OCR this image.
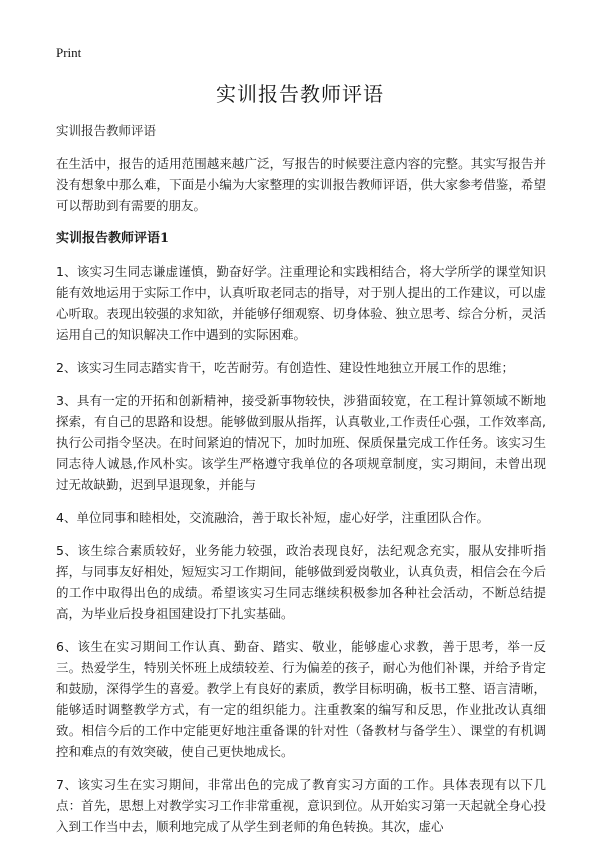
Print
实训报告教师评语

实训报告教师评语

在生活中，报告的适用范围越来越广泛，写报告的时候要注意内容的完整。其实写报告并没有想象中那么难，下面是小编为大家整理的实训报告教师评语，供大家参考借鉴，希望可以帮助到有需要的朋友。

实训报告教师评语1

1、该实习生同志谦虚谨慎，勤奋好学。注重理论和实践相结合，将大学所学的课堂知识能有效地运用于实际工作中，认真听取老同志的指导，对于别人提出的工作建议，可以虚心听取。表现出较强的求知欲，并能够仔细观察、切身体验、独立思考、综合分析，灵活运用自己的知识解决工作中遇到的实际困难。

2、该实习生同志踏实肯干，吃苦耐劳。有创造性、建设性地独立开展工作的思维；

3、具有一定的开拓和创新精神，接受新事物较快，涉猎面较宽，在工程计算领域不断地探索，有自己的思路和设想。能够做到服从指挥，认真敬业,工作责任心强，工作效率高,执行公司指令坚决。在时间紧迫的情况下，加时加班、保质保量完成工作任务。该实习生同志待人诚恳,作风朴实。该学生严格遵守我单位的各项规章制度，实习期间，未曾出现过无故缺勤，迟到早退现象，并能与

4、单位同事和睦相处，交流融洽，善于取长补短，虚心好学，注重团队合作。

5、该生综合素质较好，业务能力较强，政治表现良好，法纪观念充实，服从安排听指挥，与同事友好相处，短短实习工作期间，能够做到爱岗敬业，认真负责，相信会在今后的工作中取得出色的成绩。希望该实习生同志继续积极参加各种社会活动，不断总结提高，为毕业后投身祖国建设打下扎实基础。

6、该生在实习期间工作认真、勤奋、踏实、敬业，能够虚心求教，善于思考，举一反三。热爱学生，特别关怀班上成绩较差、行为偏差的孩子，耐心为他们补课，并给予肯定和鼓励，深得学生的喜爱。教学上有良好的素质，教学目标明确，板书工整、语言清晰，能够适时调整教学方式，有一定的组织能力。注重教案的编写和反思，作业批改认真细致。相信今后的工作中定能更好地注重备课的针对性（备教材与备学生）、课堂的有机调控和难点的有效突破，使自己更快地成长。

7、该实习生在实习期间，非常出色的完成了教育实习方面的工作。具体表现有以下几点：首先，思想上对教学实习工作非常重视，意识到位。从开始实习第一天起就全身心投入到工作当中去，顺利地完成了从学生到老师的角色转换。其次，虚心
